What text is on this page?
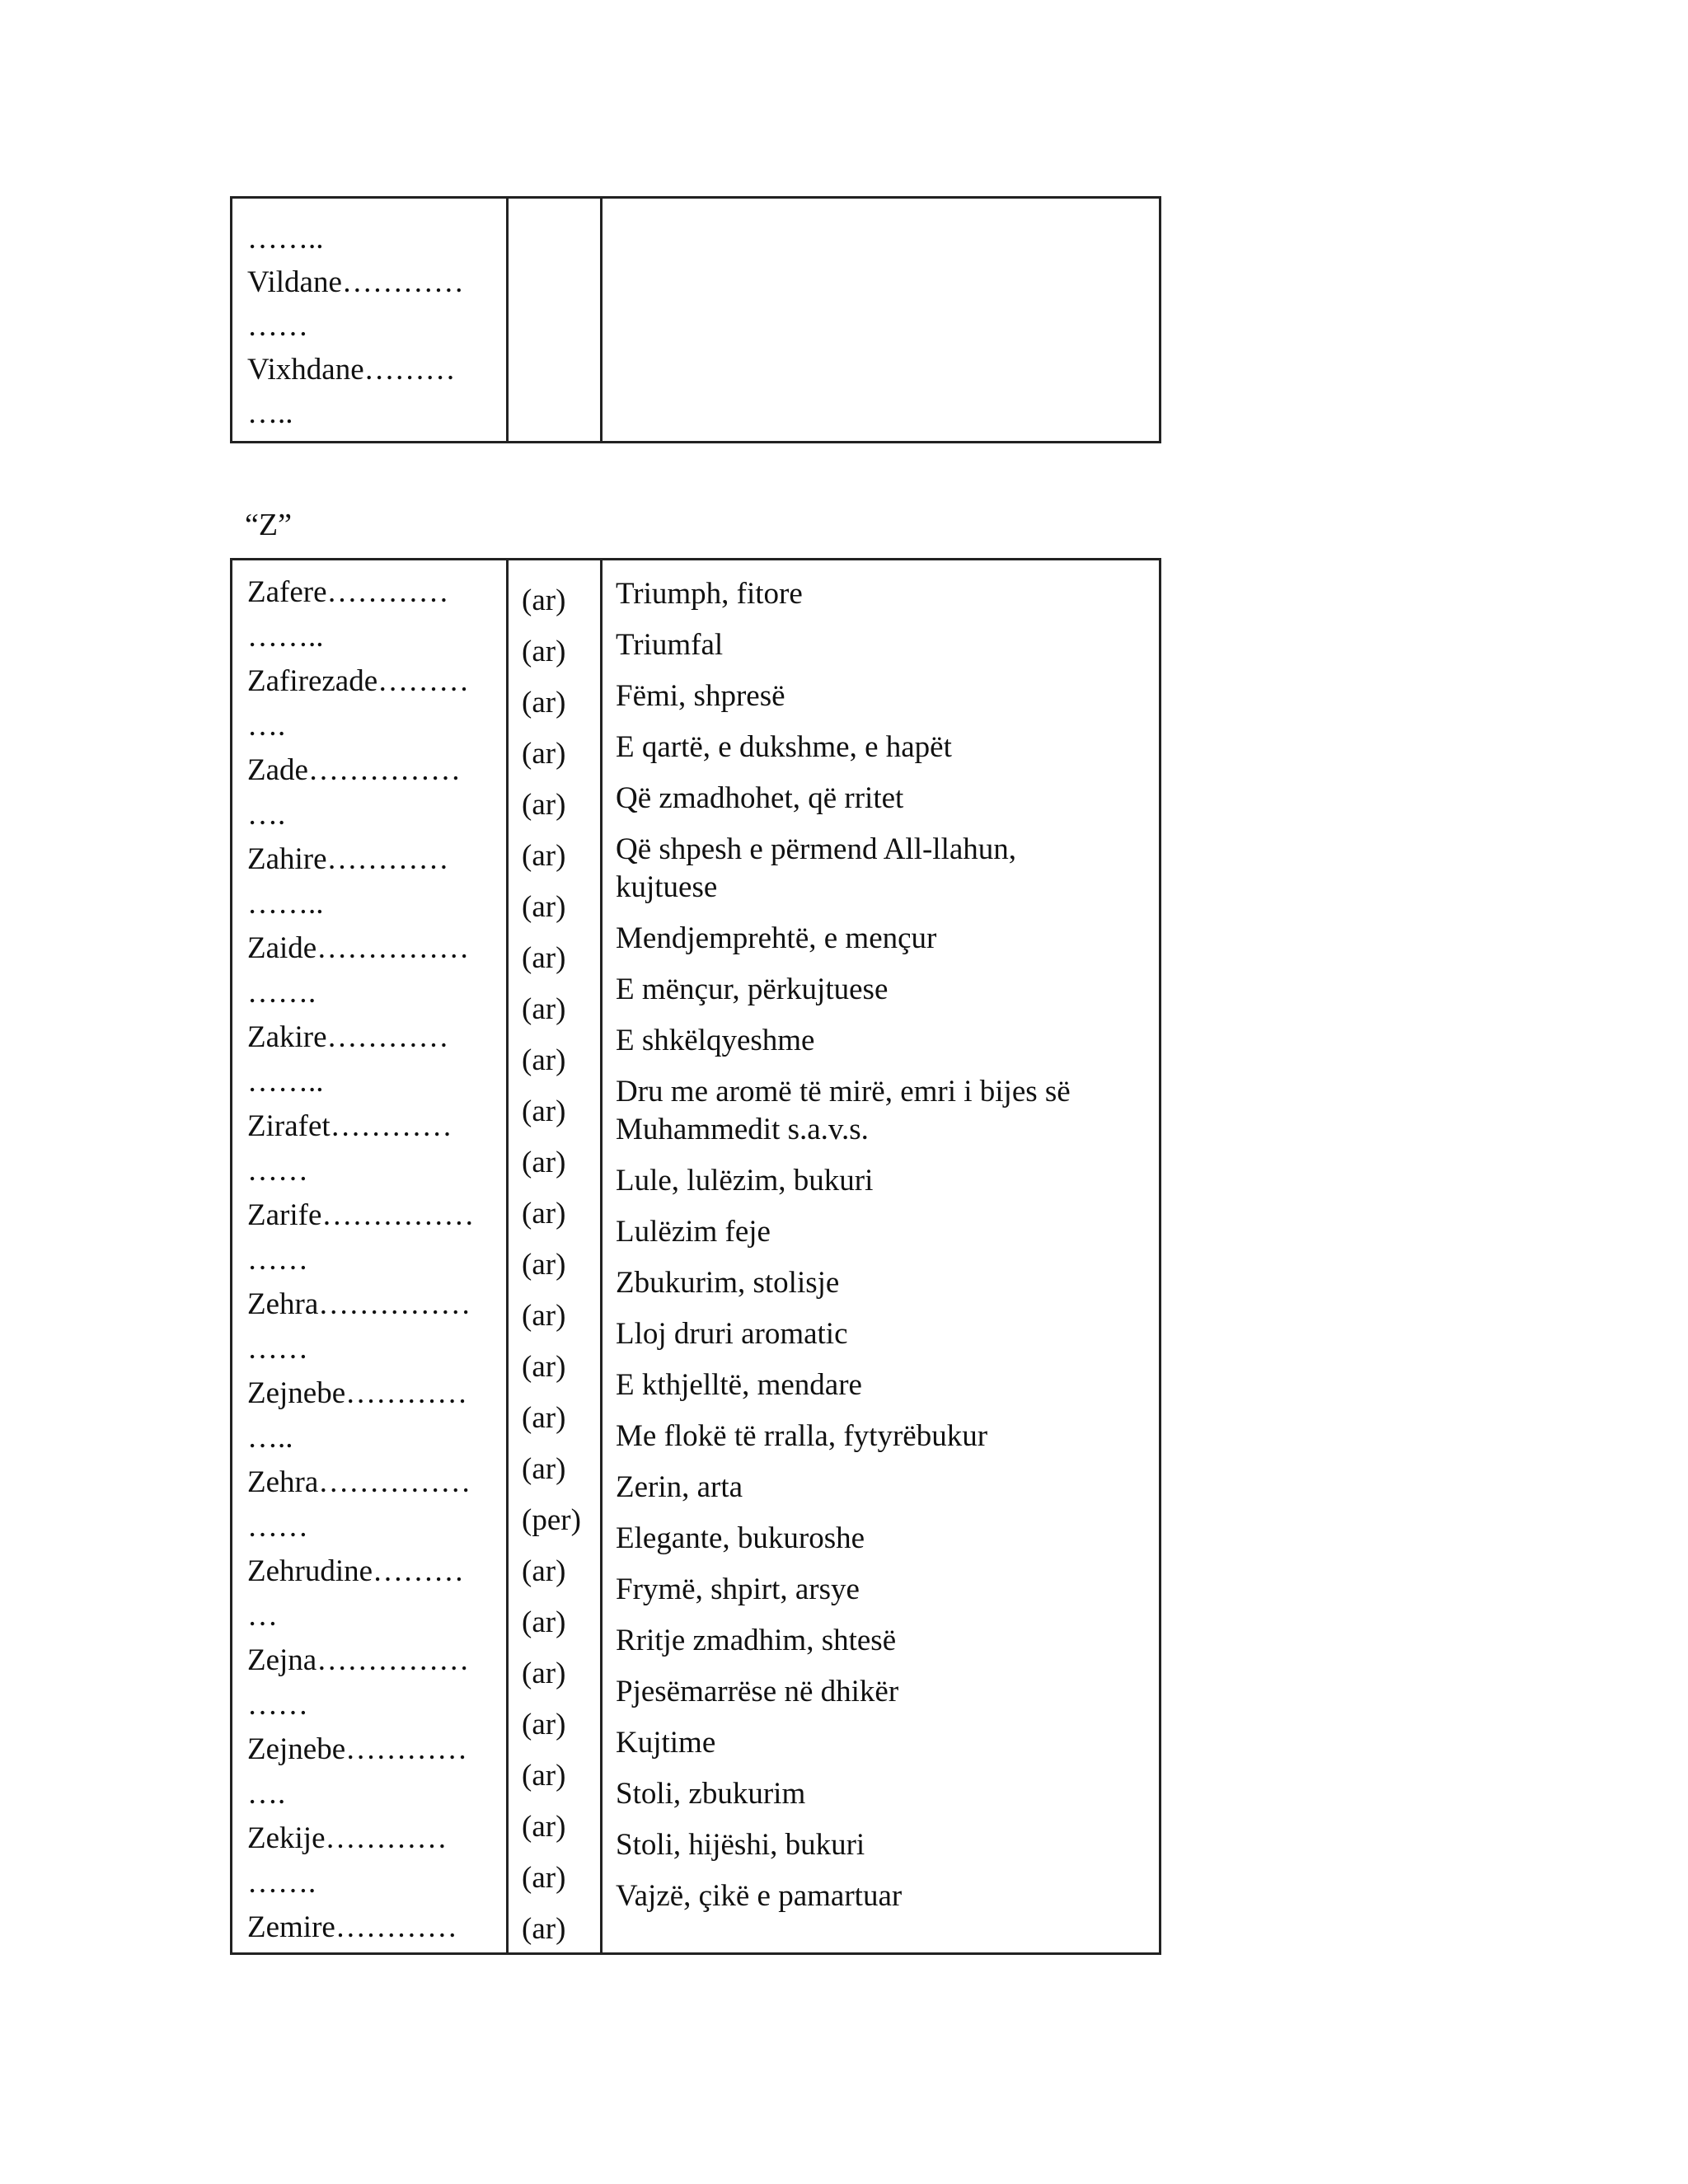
……..
Vildane…………
……
Vixhdane………
…..
“Z”
Zafere…………
……..
Zafirezade………
….
Zade……………
….
Zahire…………
……..
Zaide……………
…….
Zakire…………
……..
Zirafet…………
……
Zarife……………
……
Zehra……………
……
Zejnebe…………
…..
Zehra……………
……
Zehrudine………
…
Zejna……………
……
Zejnebe…………
….
Zekije…………
…….
Zemire…………
(ar)
(ar)
(ar)
(ar)
(ar)
(ar)
(ar)
(ar)
(ar)
(ar)
(ar)
(ar)
(ar)
(ar)
(ar)
(ar)
(ar)
(ar)
(per)
(ar)
(ar)
(ar)
(ar)
(ar)
(ar)
(ar)
(ar)
Triumph, fitore
Triumfal
Fëmi, shpresë
E qartë, e dukshme, e hapët
Që zmadhohet, që rritet
Që shpesh e përmend All-llahun,
kujtuese
Mendjemprehtë, e mençur
E mënçur, përkujtuese
E shkëlqyeshme
Dru me aromë të mirë, emri i bijes së
Muhammedit s.a.v.s.
Lule, lulëzim, bukuri
Lulëzim feje
Zbukurim, stolisje
Lloj druri aromatic
E kthjelltë, mendare
Me flokë të rralla, fytyrëbukur
Zerin, arta
Elegante, bukuroshe
Frymë, shpirt, arsye
Rritje zmadhim, shtesë
Pjesëmarrëse në dhikër
Kujtime
Stoli, zbukurim
Stoli, hijëshi, bukuri
Vajzë, çikë e pamartuar
